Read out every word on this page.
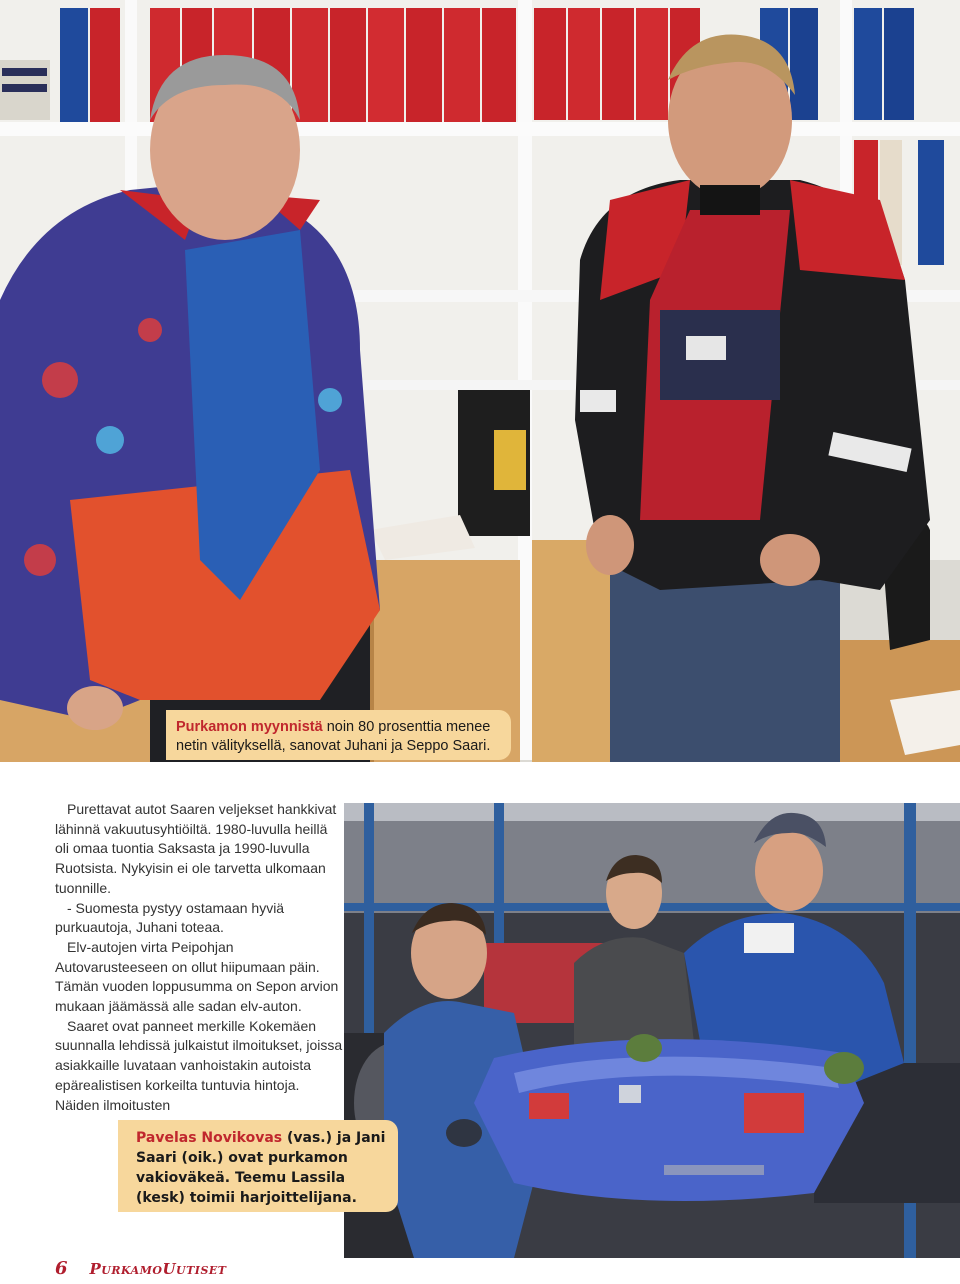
Purkamon myynnistä noin 80 prosenttia menee netin välityksellä, sanovat Juhani ja Seppo Saari.

Purettavat autot Saaren veljekset hankkivat lähinnä vakuutusyhtiöiltä. 1980-luvulla heillä oli omaa tuontia Saksasta ja 1990-luvulla Ruotsista. Nykyisin ei ole tarvetta ulkomaan tuonnille.

- Suomesta pystyy ostamaan hyviä purkuautoja, Juhani toteaa.

Elv-autojen virta Peipohjan Autovarusteeseen on ollut hiipumaan päin. Tämän vuoden loppusumma on Sepon arvion mukaan jäämässä alle sadan elv-auton.

Saaret ovat panneet merkille Kokemäen suunnalla lehdissä julkaistut ilmoitukset, joissa asiakkaille luvataan vanhoistakin autoista epärealistisen korkeilta tuntuvia hintoja. Näiden ilmoitusten

Pavelas Novikovas (vas.) ja Jani Saari (oik.) ovat purkamon vakioväkeä. Teemu Lassila (kesk) toimii harjoittelijana.
6 PurkamoUutiset
